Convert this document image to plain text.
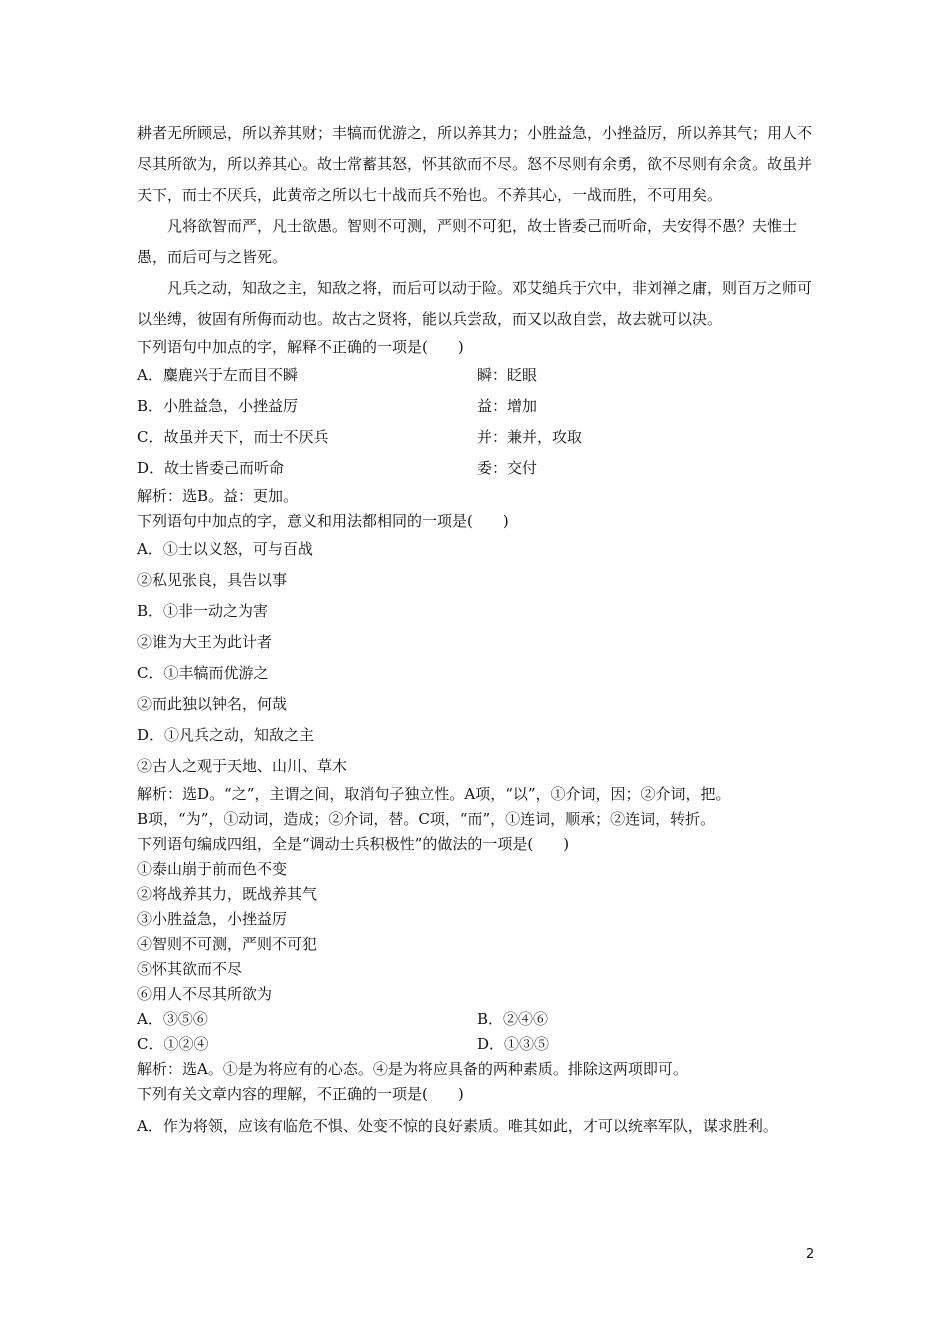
耕者无所顾忌，所以养其财；丰犒而优游之，所以养其力；小胜益急，小挫益厉，所以养其气；用人不尽其所欲为，所以养其心。故士常蓄其怒，怀其欲而不尽。怒不尽则有余勇，欲不尽则有余贪。故虽并天下，而士不厌兵，此黄帝之所以七十战而兵不殆也。不养其心，一战而胜，不可用矣。

凡将欲智而严，凡士欲愚。智则不可测，严则不可犯，故士皆委己而听命，夫安得不愚？夫惟士愚，而后可与之皆死。

凡兵之动，知敌之主，知敌之将，而后可以动于险。邓艾缒兵于穴中，非刘禅之庸，则百万之师可以坐缚，彼固有所侮而动也。故古之贤将，能以兵尝敌，而又以敌自尝，故去就可以决。

下列语句中加点的字，解释不正确的一项是(　　)
A．麋鹿兴于左而目不瞬	瞬：眨眼
B．小胜益急，小挫益厉	益：增加
C．故虽并天下，而士不厌兵	并：兼并，攻取
D．故士皆委己而听命	委：交付
解析：选B。益：更加。
下列语句中加点的字，意义和用法都相同的一项是(　　)
A．①士以义怒，可与百战
②私见张良，具告以事
B．①非一动之为害
②谁为大王为此计者
C．①丰犒而优游之
②而此独以钟名，何哉
D．①凡兵之动，知敌之主
②古人之观于天地、山川、草木
解析：选D。“之”，主谓之间，取消句子独立性。A项，“以”，①介词，因；②介词，把。
B项，“为”，①动词，造成；②介词，替。C项，“而”，①连词，顺承；②连词，转折。
下列语句编成四组，全是“调动士兵积极性”的做法的一项是(　　)
①泰山崩于前而色不变
②将战养其力，既战养其气
③小胜益急，小挫益厉
④智则不可测，严则不可犯
⑤怀其欲而不尽
⑥用人不尽其所欲为
A．③⑤⑥	B．②④⑥
C．①②④	D．①③⑤
解析：选A。①是为将应有的心态。④是为将应具备的两种素质。排除这两项即可。
下列有关文章内容的理解，不正确的一项是(　　)

A．作为将领，应该有临危不惧、处变不惊的良好素质。唯其如此，才可以统率军队，谋求胜利。

2
